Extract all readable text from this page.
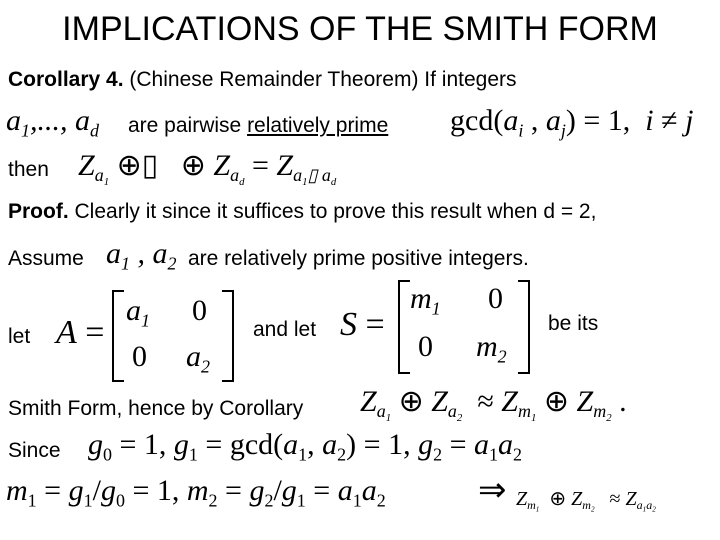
IMPLICATIONS OF THE SMITH FORM
Corollary 4. (Chinese Remainder Theorem) If integers
$a_1$,..., $a_d$ are pairwise relatively prime $\gcd(a_i$ , $a_j) = 1$,  i ≠ j
then $Z_{a_1}$ ⊕▯   ⊕ $Z_{a_d} = Z_{a_1▯ a_d}$
Proof. Clearly it since it suffices to prove this result when d = 2,
Assume $a_1$ , $a_2$ are relatively prime positive integers.
let A =
$a_1$ 0
0 $a_2$
and let S =
$m_1$ 0
0 $m_2$
be its
Smith Form, hence by Corollary $Z_{a_1}$ ⊕ $Z_{a_2} \approx Z_{m_1}$ ⊕ $Z_{m_2}$ .
Since $g_0 = 1$, $g_1 = \gcd(a_1$, $a_2) = 1$, $g_2 = a_1a_2$
$m_1 = g_1/g_0 = 1$, $m_2 = g_2/g_1 = a_1a_2$	⇒ $Z_{m_1}$  ⊕ $Z_{m_2} \approx Z_{a_1a_2}$
